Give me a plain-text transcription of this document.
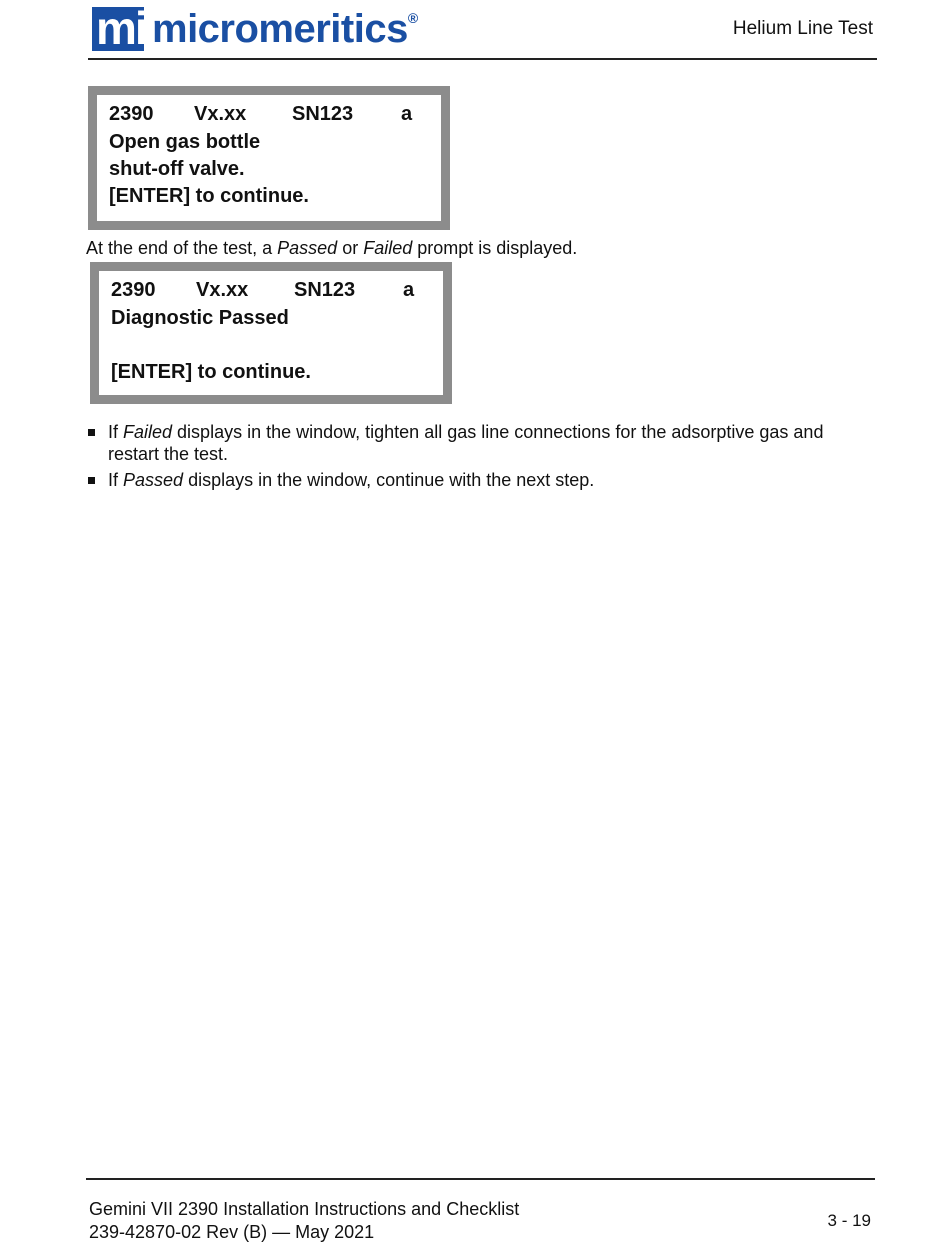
mi micromeritics®	Helium Line Test
2390 Vx.xx SN123 a
Open gas bottle
shut-off valve.
[ENTER] to continue.
At the end of the test, a Passed or Failed prompt is displayed.
2390 Vx.xx SN123 a
Diagnostic Passed
[ENTER] to continue.
If Failed displays in the window, tighten all gas line connections for the adsorptive gas and restart the test.
If Passed displays in the window, continue with the next step.
Gemini VII 2390 Installation Instructions and Checklist
239-42870-02 Rev (B) — May 2021
3 - 19
